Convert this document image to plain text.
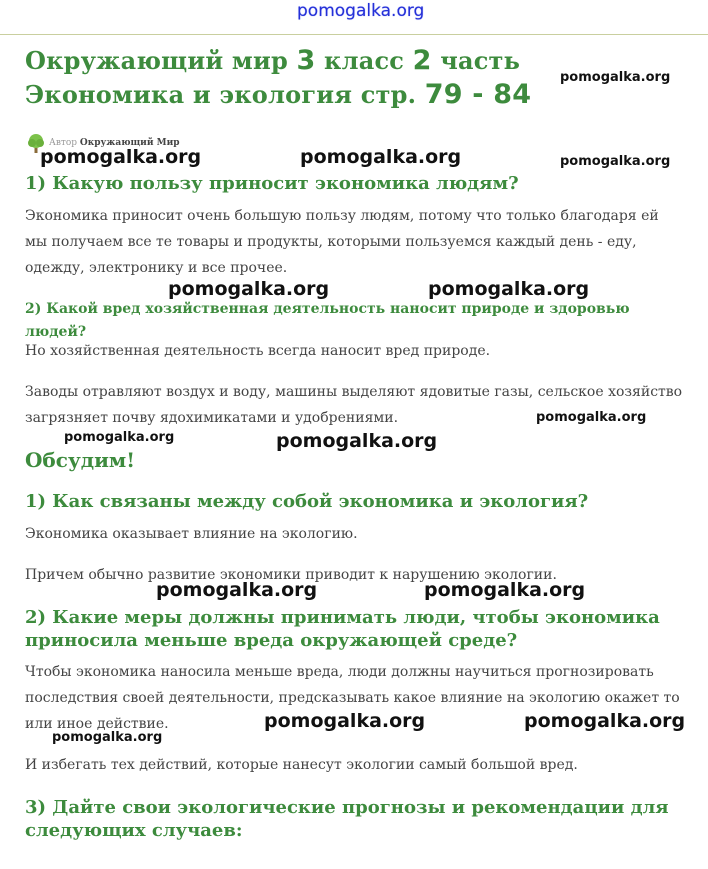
pomogalka.org
Окружающий мир 3 класс 2 часть Экономика и экология стр. 79 - 84
Автор Окружающий Мир
1) Какую пользу приносит экономика людям?

Экономика приносит очень большую пользу людям, потому что только благодаря ей мы получаем все те товары и продукты, которыми пользуемся каждый день - еду, одежду, электронику и все прочее.

2) Какой вред хозяйственная деятельность наносит природе и здоровью людей?

Но хозяйственная деятельность всегда наносит вред природе.

Заводы отравляют воздух и воду, машины выделяют ядовитые газы, сельское хозяйство загрязняет почву ядохимикатами и удобрениями.

Обсудим!
1) Как связаны между собой экономика и экология?

Экономика оказывает влияние на экологию.

Причем обычно развитие экономики приводит к нарушению экологии.

2) Какие меры должны принимать люди, чтобы экономика приносила меньше вреда окружающей среде?

Чтобы экономика наносила меньше вреда, люди должны научиться прогнозировать последствия своей деятельности, предсказывать какое влияние на экологию окажет то или иное действие.

И избегать тех действий, которые нанесут экологии самый большой вред.

3) Дайте свои экологические прогнозы и рекомендации для следующих случаев:
pomogalka.org
pomogalka.org	pomogalka.org	pomogalka.org
pomogalka.org	pomogalka.org
pomogalka.org
pomogalka.org	pomogalka.org
pomogalka.org	pomogalka.org
pomogalka.org	pomogalka.org
pomogalka.org
